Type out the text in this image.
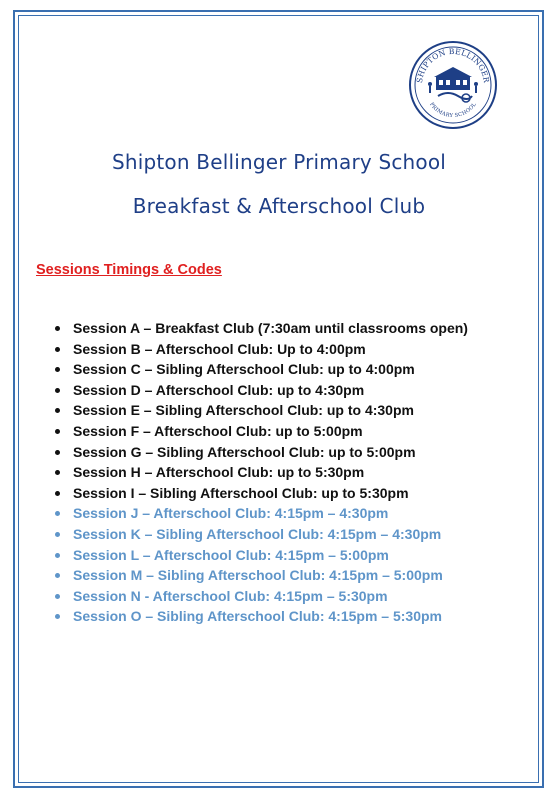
SHIPTON BELLINGER
PRIMARY SCHOOL
Shipton Bellinger Primary School
Breakfast & Afterschool Club
Sessions Timings & Codes
Session A – Breakfast Club (7:30am until classrooms open)
Session B – Afterschool Club: Up to 4:00pm
Session C – Sibling Afterschool Club: up to 4:00pm
Session D – Afterschool Club: up to 4:30pm
Session E – Sibling Afterschool Club: up to 4:30pm
Session F – Afterschool Club: up to 5:00pm
Session G – Sibling Afterschool Club: up to 5:00pm
Session H – Afterschool Club: up to 5:30pm
Session I – Sibling Afterschool Club: up to 5:30pm
Session J – Afterschool Club: 4:15pm – 4:30pm
Session K – Sibling Afterschool Club: 4:15pm – 4:30pm
Session L – Afterschool Club: 4:15pm – 5:00pm
Session M – Sibling Afterschool Club: 4:15pm – 5:00pm
Session N - Afterschool Club: 4:15pm – 5:30pm
Session O – Sibling Afterschool Club: 4:15pm – 5:30pm
